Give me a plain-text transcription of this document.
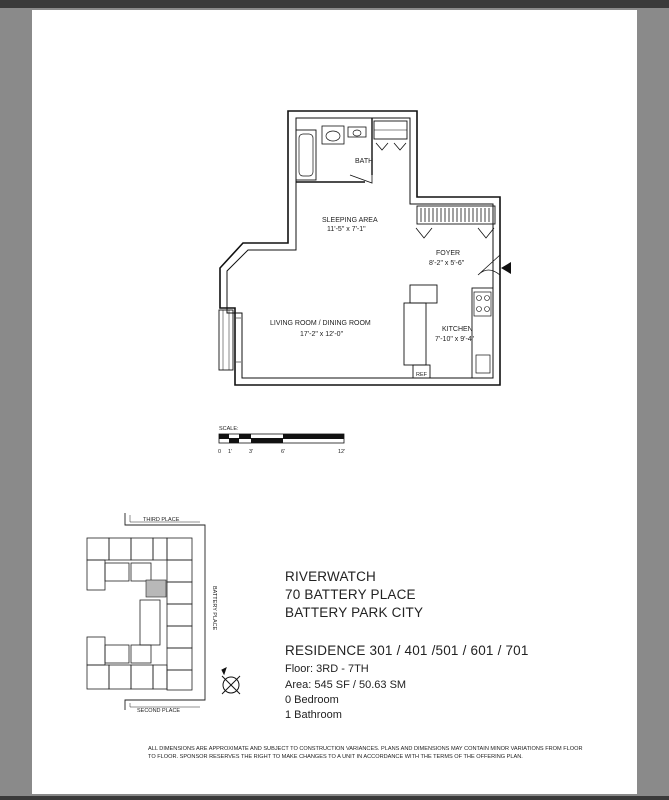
BATH
SLEEPING AREA
11'-5" x 7'-1"
FOYER
8'-2" x 5'-6"
LIVING ROOM / DINING ROOM
17'-2" x 12'-0"
KITCHEN
7'-10" x 9'-4"
REF
SCALE:
0 1'	3'	6'	12'
THIRD PLACE
BATTERY PLACE
SECOND PLACE
RIVERWATCH
70 BATTERY PLACE
BATTERY PARK CITY
RESIDENCE 301 / 401 /501 / 601 / 701
Floor: 3RD - 7TH
Area: 545 SF / 50.63 SM
0 Bedroom
1 Bathroom
ALL DIMENSIONS ARE APPROXIMATE AND SUBJECT TO CONSTRUCTION VARIANCES. PLANS AND DIMENSIONS MAY CONTAIN MINOR VARIATIONS FROM FLOOR TO FLOOR. SPONSOR RESERVES THE RIGHT TO MAKE CHANGES TO A UNIT IN ACCORDANCE WITH THE TERMS OF THE OFFERING PLAN.
